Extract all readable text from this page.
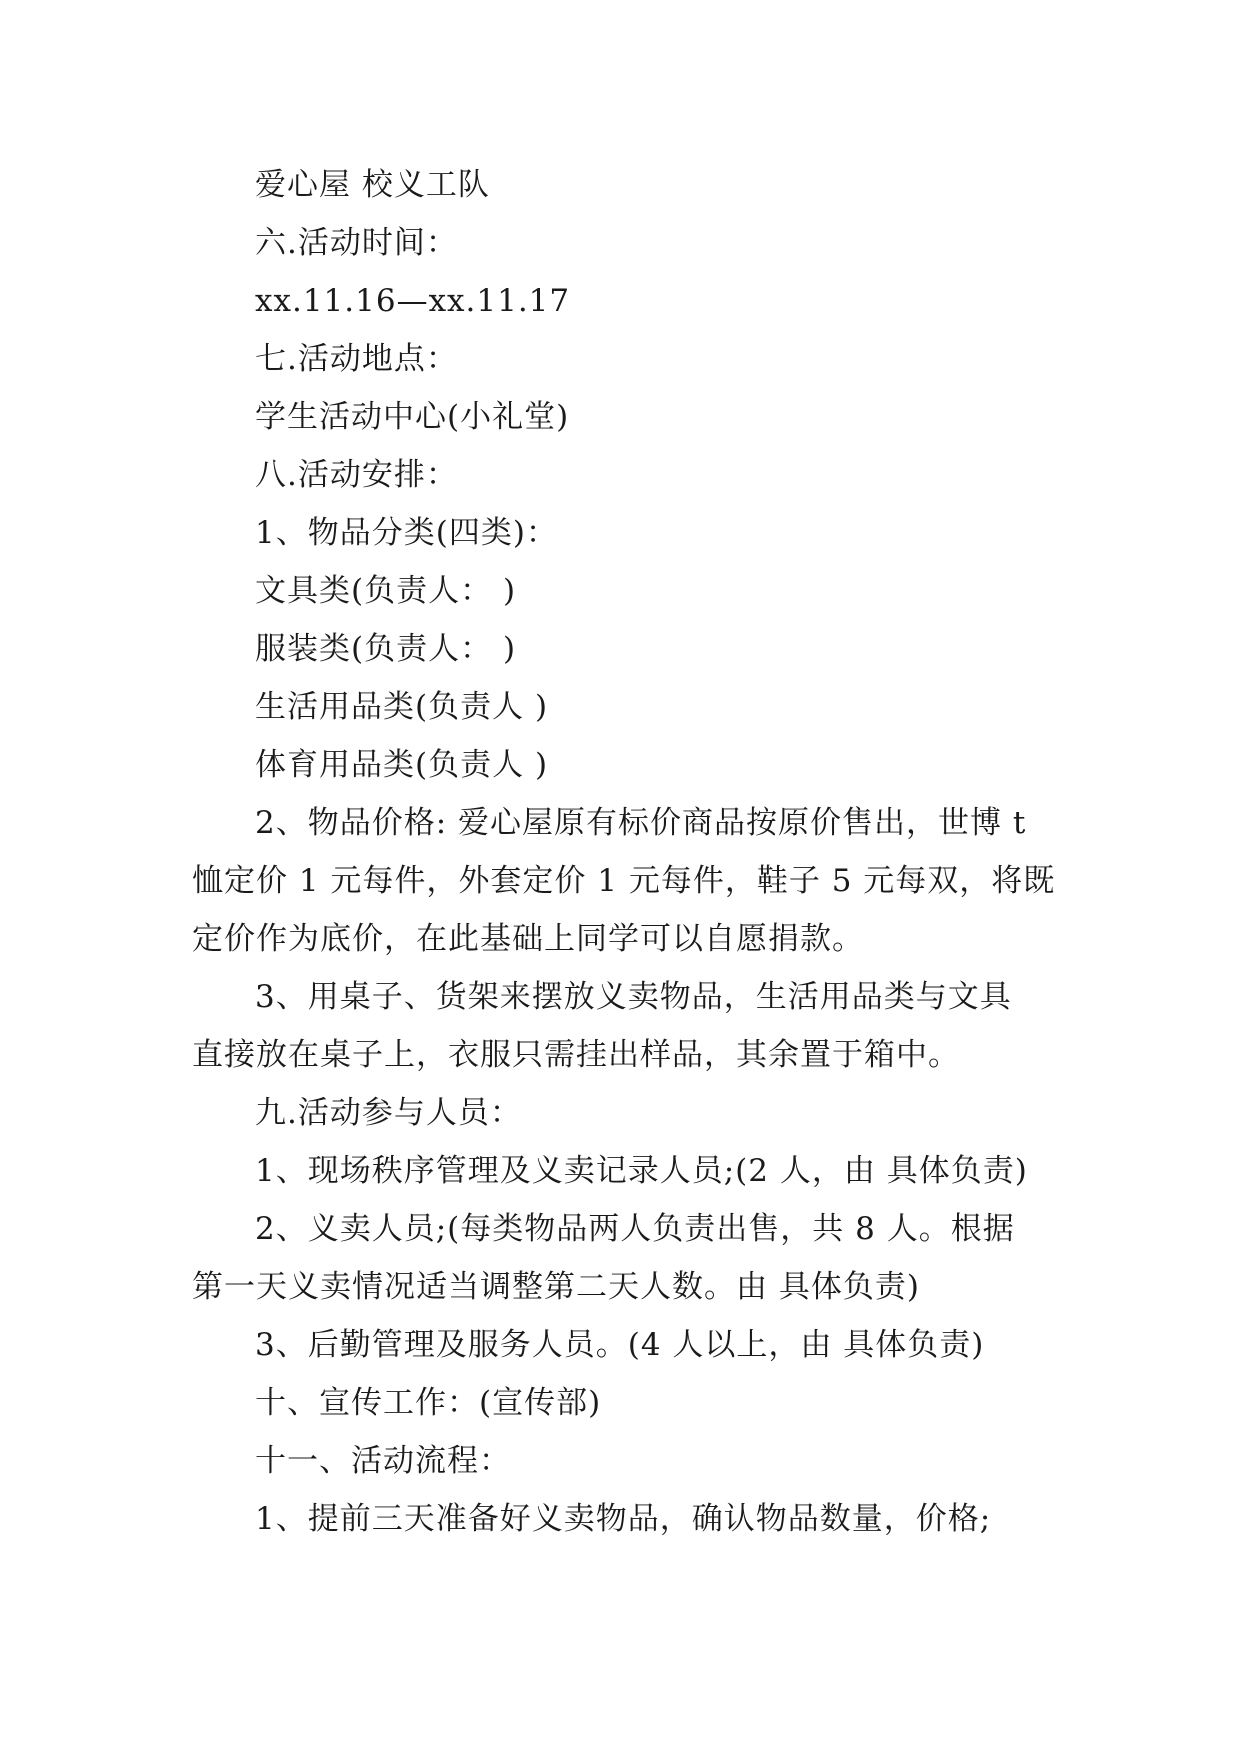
爱心屋 校义工队
六.活动时间：
xx.11.16—xx.11.17
七.活动地点：
学生活动中心(小礼堂)
八.活动安排：
1、物品分类(四类)：
文具类(负责人： )
服装类(负责人： )
生活用品类(负责人 )
体育用品类(负责人 )
2、物品价格: 爱心屋原有标价商品按原价售出，世博 t
恤定价 1 元每件，外套定价 1 元每件，鞋子 5 元每双，将既
定价作为底价，在此基础上同学可以自愿捐款。
3、用桌子、货架来摆放义卖物品，生活用品类与文具
直接放在桌子上，衣服只需挂出样品，其余置于箱中。
九.活动参与人员：
1、现场秩序管理及义卖记录人员;(2 人，由 具体负责)
2、义卖人员;(每类物品两人负责出售，共 8 人。根据
第一天义卖情况适当调整第二天人数。由 具体负责)
3、后勤管理及服务人员。(4 人以上，由 具体负责)
十、宣传工作：(宣传部)
十一、活动流程：
1、提前三天准备好义卖物品，确认物品数量，价格;
